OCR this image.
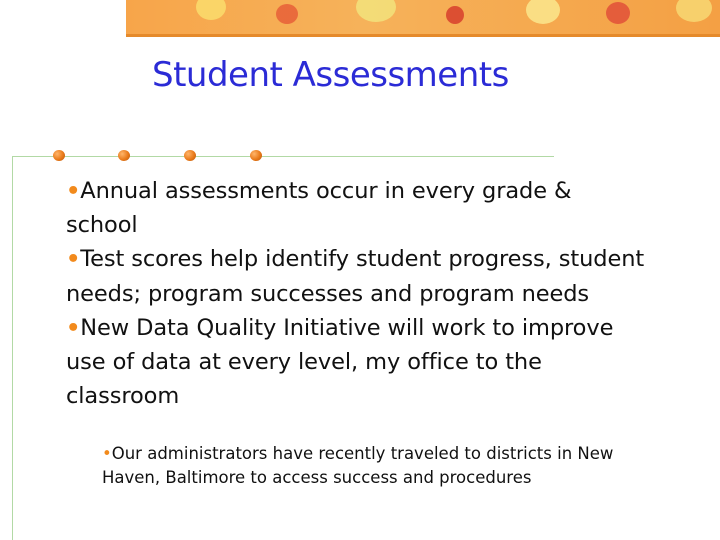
Student Assessments
•Annual assessments occur in every grade & school
•Test scores help identify student progress, student needs; program successes and program needs
•New Data Quality Initiative will work to improve use of data at every level, my office to the classroom

•Our administrators have recently traveled to districts in New Haven, Baltimore to access success and procedures
